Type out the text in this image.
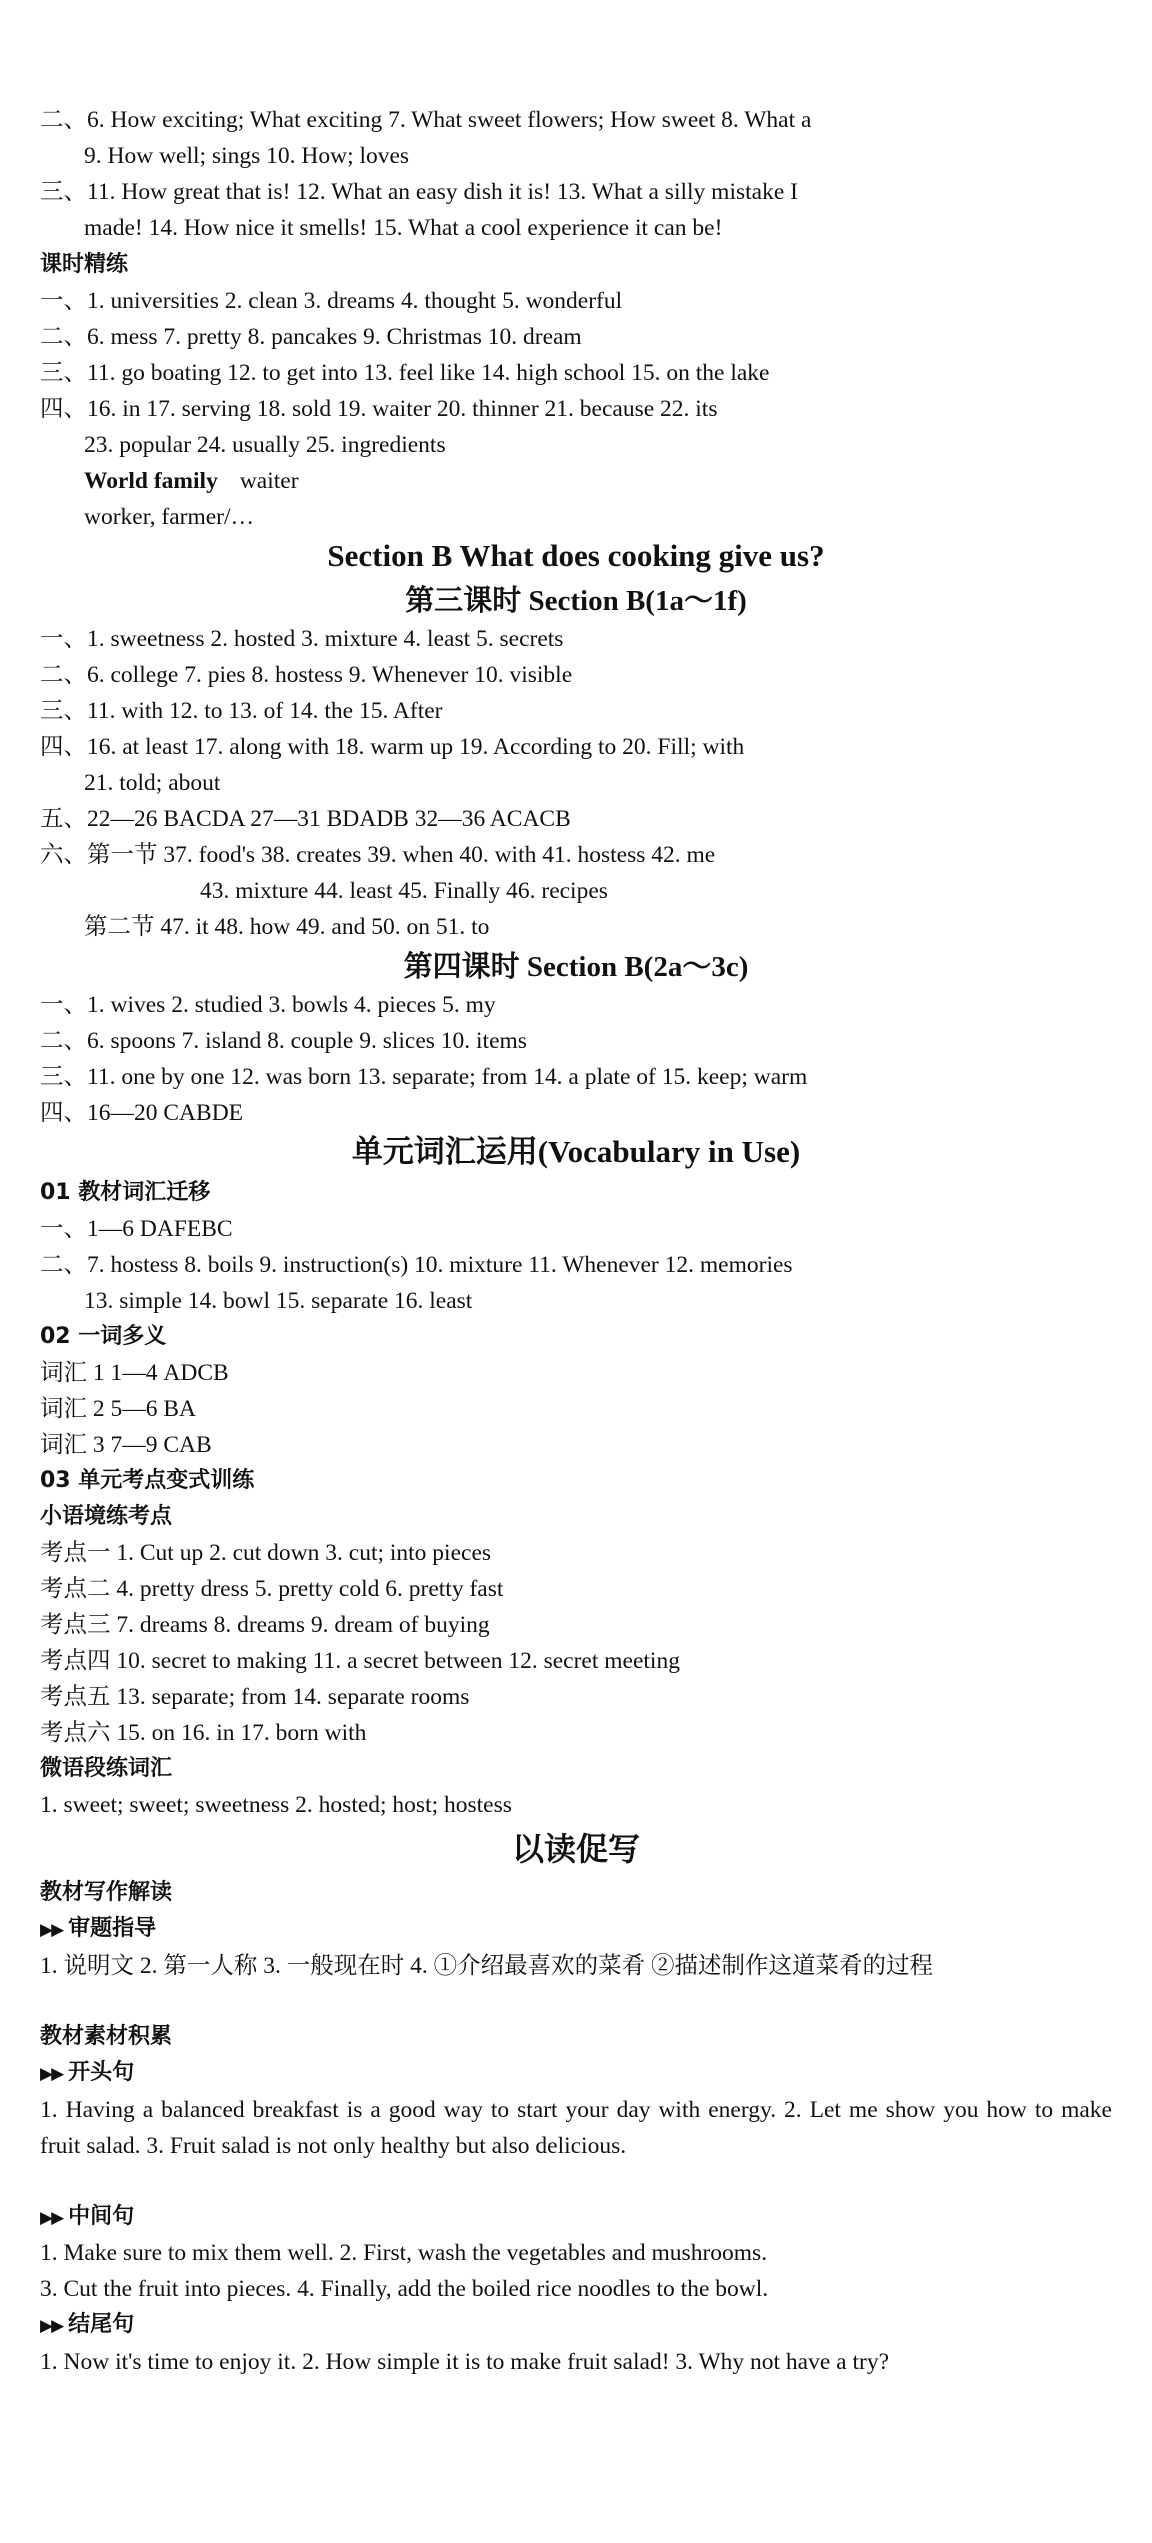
二、6. How exciting; What exciting 7. What sweet flowers; How sweet 8. What a
9. How well; sings 10. How; loves
三、11. How great that is! 12. What an easy dish it is! 13. What a silly mistake I
made! 14. How nice it smells! 15. What a cool experience it can be!
课时精练
一、1. universities 2. clean 3. dreams 4. thought 5. wonderful
二、6. mess 7. pretty 8. pancakes 9. Christmas 10. dream
三、11. go boating 12. to get into 13. feel like 14. high school 15. on the lake
四、16. in 17. serving 18. sold 19. waiter 20. thinner 21. because 22. its
23. popular 24. usually 25. ingredients
World family waiter
worker, farmer/…
Section B What does cooking give us?
第三课时 Section B(1a～1f)
一、1. sweetness 2. hosted 3. mixture 4. least 5. secrets
二、6. college 7. pies 8. hostess 9. Whenever 10. visible
三、11. with 12. to 13. of 14. the 15. After
四、16. at least 17. along with 18. warm up 19. According to 20. Fill; with
21. told; about
五、22—26 BACDA 27—31 BDADB 32—36 ACACB
六、第一节 37. food's 38. creates 39. when 40. with 41. hostess 42. me
43. mixture 44. least 45. Finally 46. recipes
第二节 47. it 48. how 49. and 50. on 51. to
第四课时 Section B(2a～3c)
一、1. wives 2. studied 3. bowls 4. pieces 5. my
二、6. spoons 7. island 8. couple 9. slices 10. items
三、11. one by one 12. was born 13. separate; from 14. a plate of 15. keep; warm
四、16—20 CABDE
单元词汇运用(Vocabulary in Use)
01 教材词汇迁移
一、1—6 DAFEBC
二、7. hostess 8. boils 9. instruction(s) 10. mixture 11. Whenever 12. memories
13. simple 14. bowl 15. separate 16. least
02 一词多义
词汇 1 1—4 ADCB
词汇 2 5—6 BA
词汇 3 7—9 CAB
03 单元考点变式训练
小语境练考点
考点一 1. Cut up 2. cut down 3. cut; into pieces
考点二 4. pretty dress 5. pretty cold 6. pretty fast
考点三 7. dreams 8. dreams 9. dream of buying
考点四 10. secret to making 11. a secret between 12. secret meeting
考点五 13. separate; from 14. separate rooms
考点六 15. on 16. in 17. born with
微语段练词汇
1. sweet; sweet; sweetness 2. hosted; host; hostess
以读促写
教材写作解读
▶▶ 审题指导
1. 说明文 2. 第一人称 3. 一般现在时 4. ①介绍最喜欢的菜肴 ②描述制作这道菜肴的过程
教材素材积累
▶▶ 开头句
1. Having a balanced breakfast is a good way to start your day with energy. 2. Let me show you how to make fruit salad. 3. Fruit salad is not only healthy but also delicious.
▶▶ 中间句
1. Make sure to mix them well. 2. First, wash the vegetables and mushrooms.
3. Cut the fruit into pieces. 4. Finally, add the boiled rice noodles to the bowl.
▶▶ 结尾句
1. Now it's time to enjoy it. 2. How simple it is to make fruit salad! 3. Why not have a try?
